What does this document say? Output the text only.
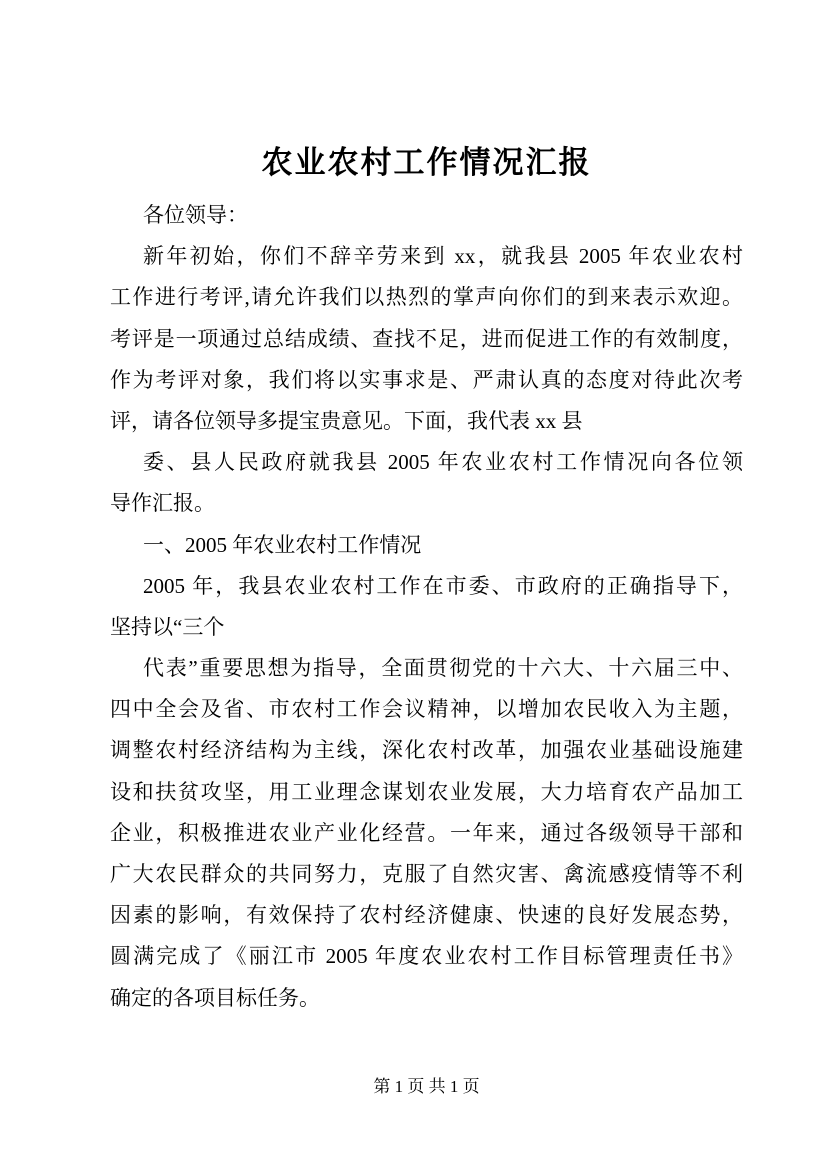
农业农村工作情况汇报
各位领导：
新年初始，你们不辞辛劳来到 xx，就我县 2005 年农业农村
工作进行考评,请允许我们以热烈的掌声向你们的到来表示欢迎。
考评是一项通过总结成绩、查找不足，进而促进工作的有效制度，
作为考评对象，我们将以实事求是、严肃认真的态度对待此次考
评，请各位领导多提宝贵意见。下面，我代表 xx 县
委、县人民政府就我县 2005 年农业农村工作情况向各位领
导作汇报。
一、2005 年农业农村工作情况
2005 年，我县农业农村工作在市委、市政府的正确指导下，
坚持以“三个
代表”重要思想为指导，全面贯彻党的十六大、十六届三中、
四中全会及省、市农村工作会议精神，以增加农民收入为主题，
调整农村经济结构为主线，深化农村改革，加强农业基础设施建
设和扶贫攻坚，用工业理念谋划农业发展，大力培育农产品加工
企业，积极推进农业产业化经营。一年来，通过各级领导干部和
广大农民群众的共同努力，克服了自然灾害、禽流感疫情等不利
因素的影响，有效保持了农村经济健康、快速的良好发展态势，
圆满完成了《丽江市 2005 年度农业农村工作目标管理责任书》
确定的各项目标任务。
第 1 页 共 1 页
